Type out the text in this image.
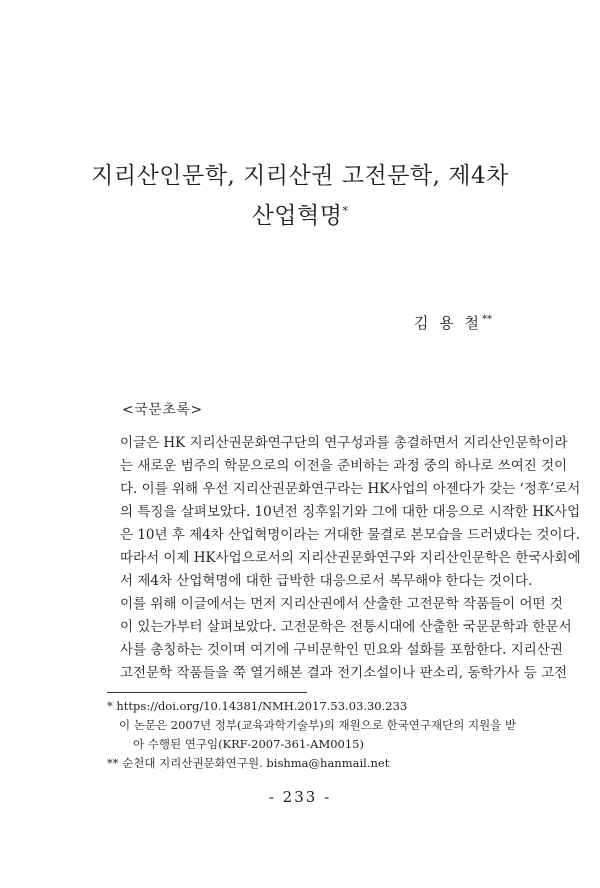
지리산인문학, 지리산권 고전문학, 제4차
산업혁명*
김 용 철**
<국문초록>

이글은 HK 지리산권문화연구단의 연구성과를 총결하면서 지리산인문학이라
는 새로운 범주의 학문으로의 이전을 준비하는 과정 중의 하나로 쓰여진 것이
다. 이를 위해 우선 지리산권문화연구라는 HK사업의 아젠다가 갖는 ‘정후’로서
의 특징을 살펴보았다. 10년전 징후읽기와 그에 대한 대응으로 시작한 HK사업
은 10년 후 제4차 산업혁명이라는 거대한 물결로 본모습을 드러냈다는 것이다.
따라서 이제 HK사업으로서의 지리산권문화연구와 지리산인문학은 한국사회에
서 제4차 산업혁명에 대한 급박한 대응으로서 복무해야 한다는 것이다.

이를 위해 이글에서는 먼저 지리산권에서 산출한 고전문학 작품들이 어떤 것
이 있는가부터 살펴보았다. 고전문학은 전통시대에 산출한 국문문학과 한문서
사를 총칭하는 것이며 여기에 구비문학인 민요와 설화를 포함한다. 지리산권
고전문학 작품들을 쭉 열거해본 결과 전기소설이나 판소리, 동학가사 등 고전

* https://doi.org/10.14381/NMH.2017.53.03.30.233
이 논문은 2007년 정부(교육과학기술부)의 재원으로 한국연구재단의 지원을 받
아 수행된 연구임(KRF-2007-361-AM0015)
** 순천대 지리산권문화연구원. bishma@hanmail.net
- 233 -
